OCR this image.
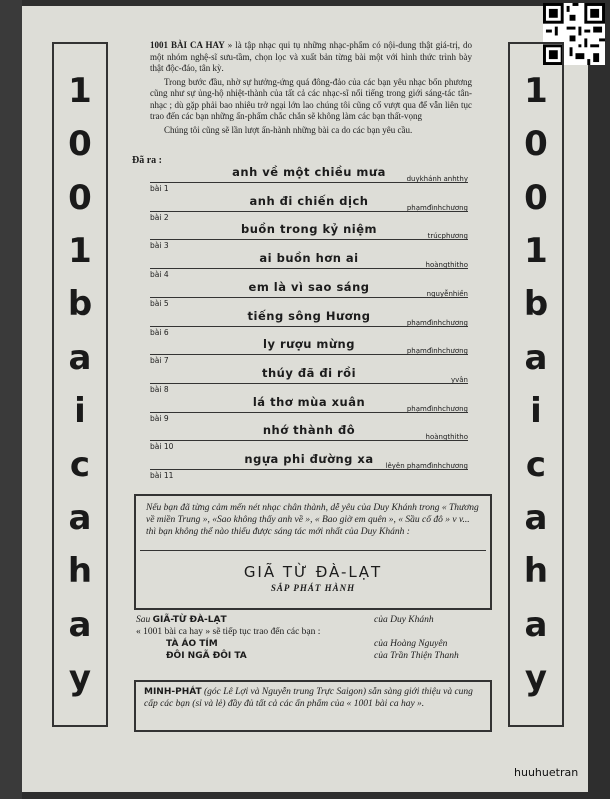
1
0
0
1
b
a
i
c
a
h
a
y
1
0
0
1
b
a
i
c
a
h
a
y

1001 BÀI CA HAY » là tập nhạc qui tụ những nhạc-phẩm có nội-dung thật giá-trị, do một nhóm nghệ-sĩ sưu-tầm, chọn lọc và xuất bản từng bài một với hình thức trình bày thật độc-đáo, tân kỳ.

Trong bước đầu, nhờ sự hưởng-ứng quá đông-đảo của các bạn yêu nhạc bốn phương cũng như sự ủng-hộ nhiệt-thành của tất cả các nhạc-sĩ nổi tiếng trong giới sáng-tác tân-nhạc ; dù gặp phải bao nhiêu trở ngại lớn lao chúng tôi cũng cố vượt qua để vẫn liên tục trao đến các bạn những ấn-phẩm chắc chắn sẽ không làm các bạn thất-vọng

Chúng tôi cũng sẽ lần lượt ấn-hành những bài ca do các bạn yêu cầu.

Đã ra :
anh về một chiều mưa	duykhánh anhthy
bài 1
anh đi chiến dịch	phạmđìnhchương
bài 2
buồn trong kỷ niệm	trúcphương
bài 3
ai buồn hơn ai	hoàngthitho
bài 4
em là vì sao sáng	nguyễnhiền
bài 5
tiếng sông Hương	phạmđìnhchương
bài 6
ly rượu mừng	phạmđìnhchương
bài 7
thúy đã đi rồi	yvân
bài 8
lá thơ mùa xuân	phạmđìnhchương
bài 9
nhớ thành đô	hoàngthitho
bài 10
ngựa phi đường xa	lêyên phạmđìnhchương
bài 11
Nếu bạn đã từng cảm mến nét nhạc chân thành, dễ yêu của Duy Khánh trong « Thương về miền Trung », «Sao không thấy anh về », « Bao giờ em quên », « Sầu cố đô » v v... thì bạn không thể nào thiếu được sáng tác mới nhất của Duy Khánh :
GIÃ TỪ ĐÀ-LẠT
SẮP PHÁT HÀNH
Sau GIÃ-TỪ ĐÀ-LẠT	của Duy Khánh
« 1001 bài ca hay » sẽ tiếp tục trao đến các bạn :
TÀ ÁO TÍM	của Hoàng Nguyên
ĐÔI NGÃ ĐÔI TA	của Trần Thiện Thanh
MINH-PHÁT (góc Lê Lợi và Nguyễn trung Trực Saigon) sẵn sàng giới thiệu và cung cấp các bạn (sỉ và lẻ) đầy đủ tất cả các ấn phẩm của « 1001 bài ca hay ».
huuhuetran
